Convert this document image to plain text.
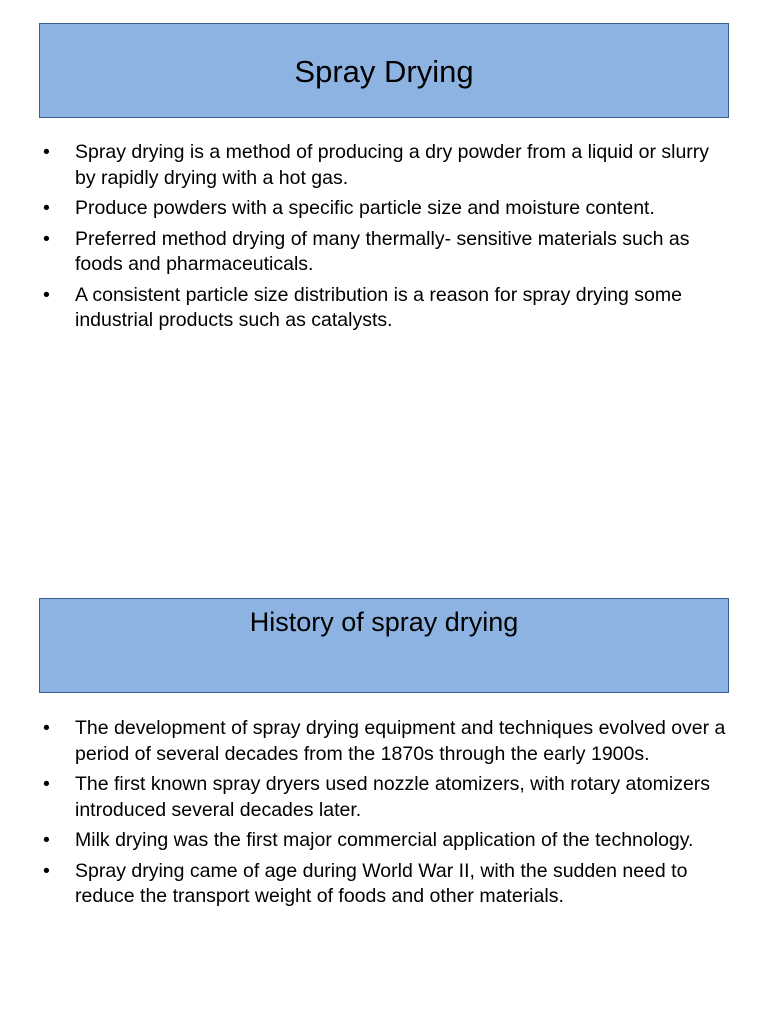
Spray Drying
• Spray drying is a method of producing a dry powder from a liquid or slurry by rapidly drying with a hot gas.
• Produce powders with a specific particle size and moisture content.
• Preferred method drying of many thermally- sensitive materials such as foods and pharmaceuticals.
• A consistent particle size distribution is a reason for spray drying some industrial products such as catalysts.
History of spray drying
• The development of spray drying equipment and techniques evolved over a period of several decades from the 1870s through the early 1900s.
• The first known spray dryers used nozzle atomizers, with rotary atomizers introduced several decades later.
• Milk drying was the first major commercial application of the technology.
• Spray drying came of age during World War II, with the sudden need to reduce the transport weight of foods and other materials.
